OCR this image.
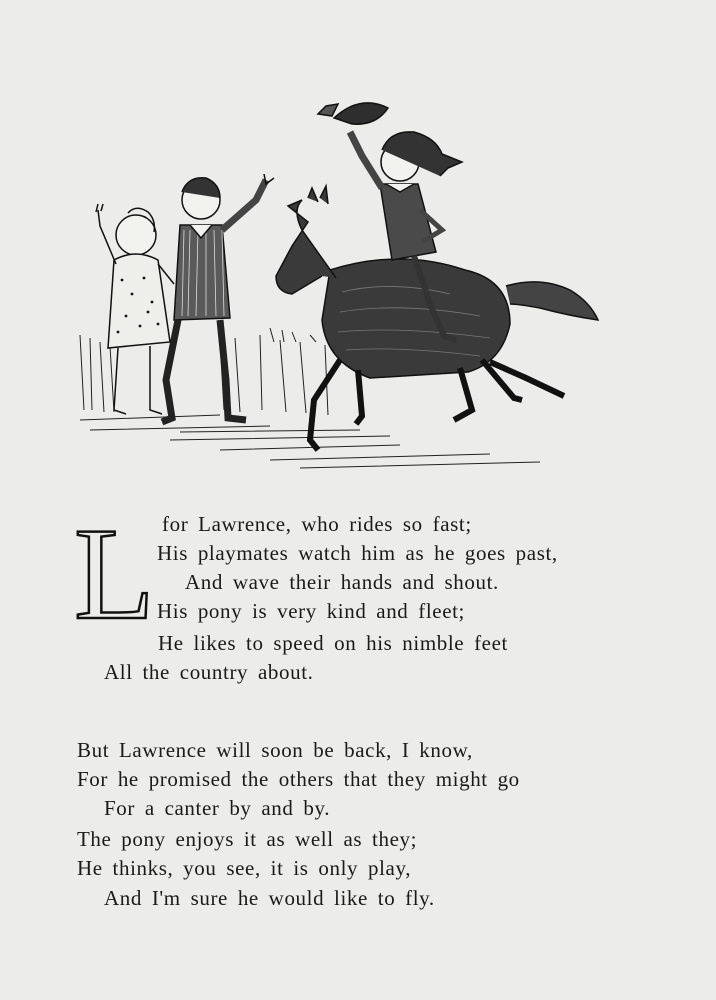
L for Lawrence, who rides so fast;
His playmates watch him as he goes past,
And wave their hands and shout.
His pony is very kind and fleet;
He likes to speed on his nimble feet
All the country about.
But Lawrence will soon be back, I know,
For he promised the others that they might go
For a canter by and by.
The pony enjoys it as well as they;
He thinks, you see, it is only play,
And I'm sure he would like to fly.
